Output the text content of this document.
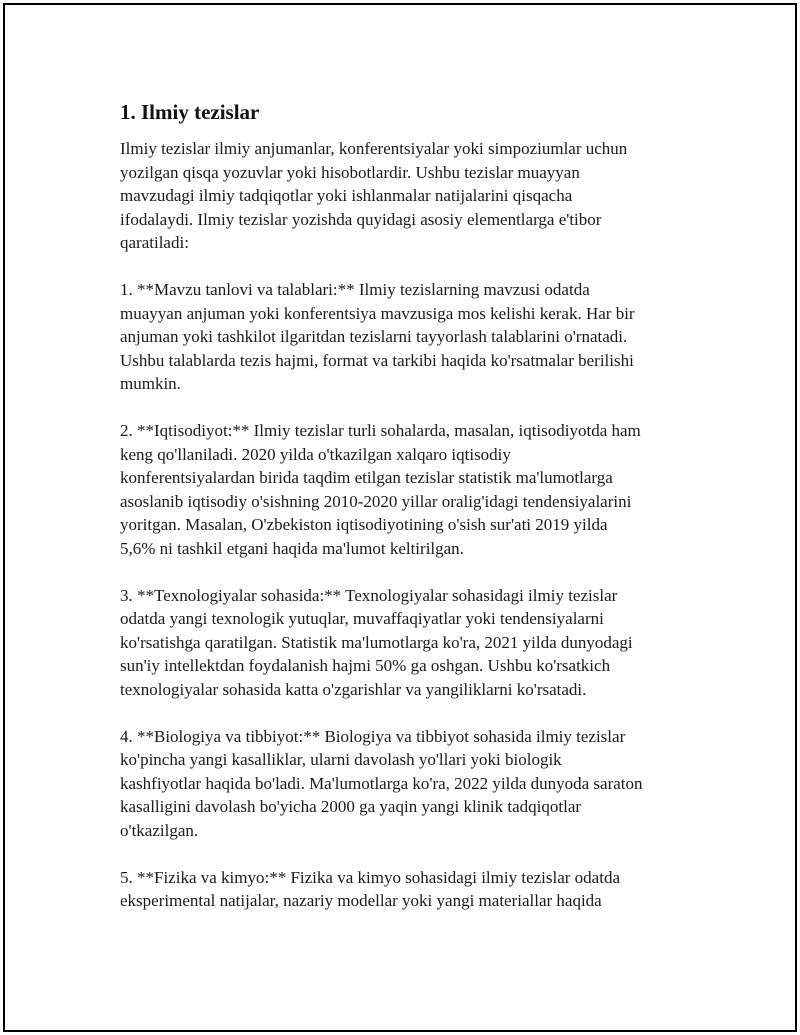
1. Ilmiy tezislar

Ilmiy tezislar ilmiy anjumanlar, konferentsiyalar yoki simpoziumlar uchun
yozilgan qisqa yozuvlar yoki hisobotlardir. Ushbu tezislar muayyan
mavzudagi ilmiy tadqiqotlar yoki ishlanmalar natijalarini qisqacha
ifodalaydi. Ilmiy tezislar yozishda quyidagi asosiy elementlarga e'tibor
qaratiladi:

1. **Mavzu tanlovi va talablari:** Ilmiy tezislarning mavzusi odatda
muayyan anjuman yoki konferentsiya mavzusiga mos kelishi kerak. Har bir
anjuman yoki tashkilot ilgaritdan tezislarni tayyorlash talablarini o'rnatadi.
Ushbu talablarda tezis hajmi, format va tarkibi haqida ko'rsatmalar berilishi
mumkin.

2. **Iqtisodiyot:** Ilmiy tezislar turli sohalarda, masalan, iqtisodiyotda ham
keng qo'llaniladi. 2020 yilda o'tkazilgan xalqaro iqtisodiy
konferentsiyalardan birida taqdim etilgan tezislar statistik ma'lumotlarga
asoslanib iqtisodiy o'sishning 2010-2020 yillar oralig'idagi tendensiyalarini
yoritgan. Masalan, O'zbekiston iqtisodiyotining o'sish sur'ati 2019 yilda
5,6% ni tashkil etgani haqida ma'lumot keltirilgan.

3. **Texnologiyalar sohasida:** Texnologiyalar sohasidagi ilmiy tezislar
odatda yangi texnologik yutuqlar, muvaffaqiyatlar yoki tendensiyalarni
ko'rsatishga qaratilgan. Statistik ma'lumotlarga ko'ra, 2021 yilda dunyodagi
sun'iy intellektdan foydalanish hajmi 50% ga oshgan. Ushbu ko'rsatkich
texnologiyalar sohasida katta o'zgarishlar va yangiliklarni ko'rsatadi.

4. **Biologiya va tibbiyot:** Biologiya va tibbiyot sohasida ilmiy tezislar
ko'pincha yangi kasalliklar, ularni davolash yo'llari yoki biologik
kashfiyotlar haqida bo'ladi. Ma'lumotlarga ko'ra, 2022 yilda dunyoda saraton
kasalligini davolash bo'yicha 2000 ga yaqin yangi klinik tadqiqotlar
o'tkazilgan.

5. **Fizika va kimyo:** Fizika va kimyo sohasidagi ilmiy tezislar odatda
eksperimental natijalar, nazariy modellar yoki yangi materiallar haqida
